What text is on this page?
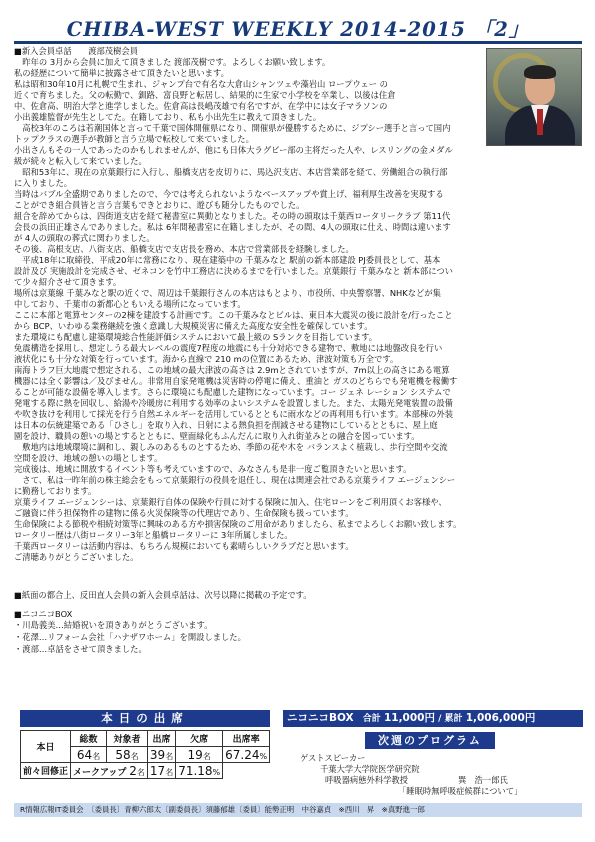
CHIBA-WEST WEEKLY 2014-2015 「2」
■新入会員卓話　　渡部茂樹会員
　昨年の 3月から会員に加えて頂きました 渡部茂樹です。よろしくお願い致します。
私の経歴について簡単に披露させて頂きたいと思います。
私は昭和30年10月に札幌で生まれ、ジャンプ台で有名な大倉山シャンツェや藻岩山 ロープウェー の
近くで育ちました。父の転勤で、釧路、富良野と転居し、結果的に生家で小学校を卒業し、以後は住倉
中、佐倉高、明治大学と進学しました。佐倉高は長嶋茂雄で有名ですが、在学中には女子マラソンの
小出義雄監督が先生としてた。在籍しており、私も小出先生に教えて頂きました。
　高校3年のころは若潮国体と言って千葉で国体開催県になり、開催県が優勝するために、ジプシー選手と言って国内
トップクラスの選手が教師と言う立場で転校して来ていました。
小出さんもその一人であったのかもしれませんが、他にも日体大ラグビー部の主将だった人や、レスリングの金メダル
級が続々と転入して来ていました。
　昭和53年に、現在の京葉銀行に入行し、船橋支店を皮切りに、馬込沢支店、本店営業部を経て、労働組合の執行部
に入りました。
当時はバブル全盛期でありましたので、今では考えられないようなベースアップや賞上げ、福利厚生改善を実現する
ことができ組合員皆と言う言葉もできとおりに、遊びも随分したものでした。
組合を辞めてからは、四街道支店を経て秘書室に異動となりました。その時の頭取は千葉西ロータリークラブ 第11代
会長の浜田正雄さんでありました。私は 6年間秘書室に在籍しましたが、その間、4人の頭取に仕え、時間は違います
が 4人の頭取の葬式に関わりました。
その後、高根支店、八街支店、船橋支店で支店長を務め、本店で営業部長を経験しました。
　平成18年に取締役、平成20年に常務になり、現在建築中の 千葉みなと 駅前の新本部建設 PJ委員長として、基本
設計及び 実施設計を完成させ、ゼネコンを竹中工務店に決めるまでを行いました。京葉銀行 千葉みなと 新本部につい
て少々紹介させて頂きます。
場所は京葉線 千葉みなと駅の近くで、周辺は千葉銀行さんの本店はもとより、市役所、中央警察署、NHKなどが集
中しており、千葉市の新都心ともいえる場所になっています。
ここに本部と電算センターの2棟を建設する計画です。この千葉みなとビルは、東日本大震災の後に設計を/行ったこと
から BCP、いわゆる業務継続を強く意識し大規模災害に備えた高度な安全性を確保しています。
また環境にも配慮し建築環境総合性能評価システムにおいて最上級の Sランクを目指しています。
免震構造を採用し、想定しうる最大レベルの震度7程度の地震にも十分対応できる建物で、敷地には地盤改良を行い
液状化にも十分な対策を行っています。海から直線で 210 mの位置にあるため、津波対策も万全です。
南海トラフ巨大地震で想定される、この地域の最大津波の高さは 2.9mとされていますが、7m以上の高さにある電算
機器には全く影響は／及びません。非常用自家発電機は災害時の停電に備え、重油と ガスのどちらでも発電機を稼働す
ることが可能な設備を導入します。さらに環境にも配慮した建物になっています。コー ジェネ レーション システムで
発電する際に熱を回収し、給湯や冷暖房に利用する効率のよいシステムを設置しました。また、太陽光発電装置の設備
や吹き抜けを利用して採光を行う自然エネルギーを活用しているとともに雨水などの再利用も行います。本部棟の外装
は日本の伝統建築である「ひさし」を取り入れ、日射による熱負担を削減させる建物にしているとともに、屋上庭
園を設け、職員の憩いの場とするとともに、壁面緑化もふんだんに取り入れ街並みとの融合を図っています。
　敷地内は地域環境に調和し、親しみのあるものとするため、季節の花や木を バランスよく植栽し、歩行空間や交流
空間を設け、地域の憩いの場とします。
完成後は、地域に開放するイベント等も考えていますので、みなさんも是非一度ご覧頂きたいと思います。
　さて、私は一昨年前の株主総会をもって京葉銀行の役員を退任し、現在は関連会社である京葉ライフ エージェンシー
に勤務しております。
京葉ライフ エージェンシーは、京葉銀行自体の保険や行員に対する保険に加入、住宅ローンをご利用頂くお客様や、
ご融資に伴う担保物件の建物に係る火災保険等の代理店であり、生命保険も扱っています。
生命保険による節税や相続対策等に興味のある方や損害保険のご用命がありましたら、私までよろしくお願い致します。
ロータリー歴は八街ロータリー3年と船橋ロータリーに 3年所属しました。
千葉西ロータリーは活動内容は、もちろん規模においても素晴らしいクラブだと思います。
ご清聴ありがとうございました。
■紙面の都合上、反田直人会員の新入会員卓話は、次号以降に掲載の予定です。
■ニコニコBOX
・川島義美…結婚祝いを頂きありがとうございます。
・花澤…リフォーム会社「ハナザワホーム」を開設しました。
・渡部…卓話をさせて頂きました。
本日の出席
本日	総数	対象者	出席	欠席	出席率
	64名	58名	39名	19名	67.24%
前々回修正	メークアップ 2名		17名	71.18%	
ニコニコBOX 合計 11,000円 / 累計 1,006,000円
次週のプログラム
ゲストスピーカー
千葉大学大学院医学研究院
呼吸器病態外科学教授	巽　浩一郎氏
「睡眠時無呼吸症候群について」
R情報広報IT委員会　〔委員長〕青柳六郎太〔副委員長〕須藤郁雄〔委員〕能勢正明　中谷嘉貞　※西川　昇　※真野進一郎
